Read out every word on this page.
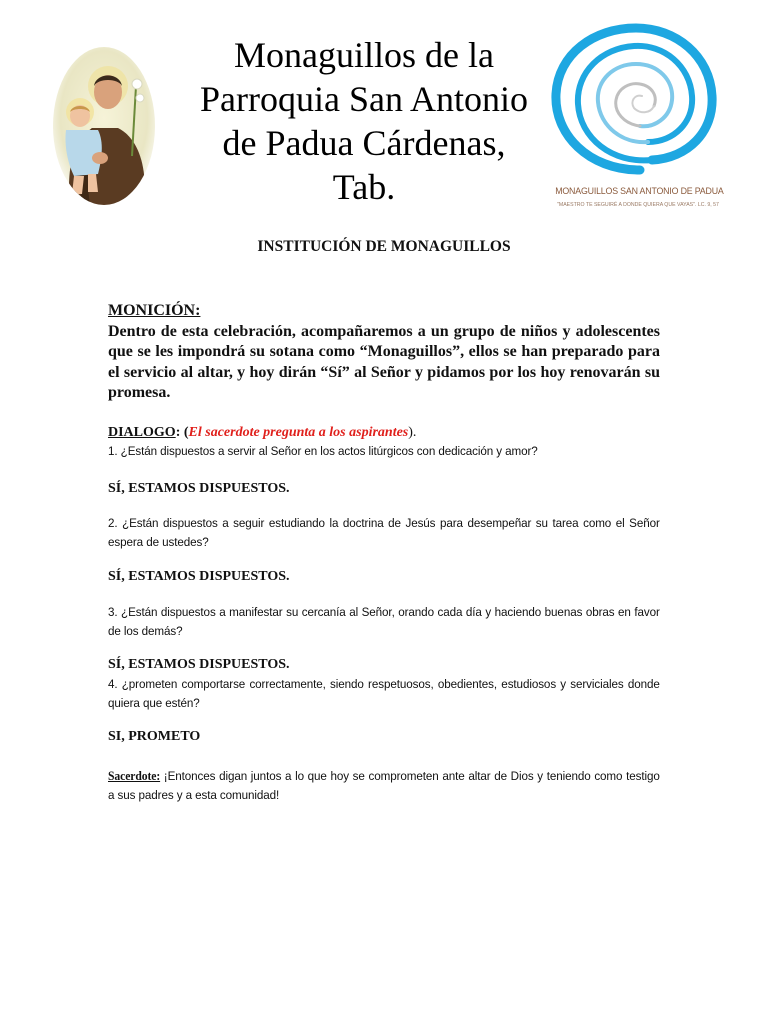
Monaguillos de la
Parroquia San Antonio
de Padua Cárdenas,
Tab.	MONAGUILLOS SAN ANTONIO DE PADUA
"MAESTRO TE SEGUIRÉ A DONDE QUIERA QUE VAYAS". LC. 9, 57
INSTITUCIÓN DE MONAGUILLOS
MONICIÓN:
Dentro de esta celebración, acompañaremos a un grupo de niños y adolescentes que se les impondrá su sotana como “Monaguillos”, ellos se han preparado para el servicio al altar, y hoy dirán “Sí” al Señor y pidamos por los hoy renovarán su promesa.
DIALOGO: (El sacerdote pregunta a los aspirantes).
1. ¿Están dispuestos a servir al Señor en los actos litúrgicos con dedicación y amor?
SÍ, ESTAMOS DISPUESTOS.
2. ¿Están dispuestos a seguir estudiando la doctrina de Jesús para desempeñar su tarea como el Señor espera de ustedes?
SÍ, ESTAMOS DISPUESTOS.
3. ¿Están dispuestos a manifestar su cercanía al Señor, orando cada día y haciendo buenas obras en favor de los demás?
SÍ, ESTAMOS DISPUESTOS.
4. ¿prometen comportarse correctamente, siendo respetuosos, obedientes, estudiosos y serviciales donde quiera que estén?
SI, PROMETO
Sacerdote: ¡Entonces digan juntos a lo que hoy se comprometen ante altar de Dios y teniendo como testigo a sus padres y a esta comunidad!
